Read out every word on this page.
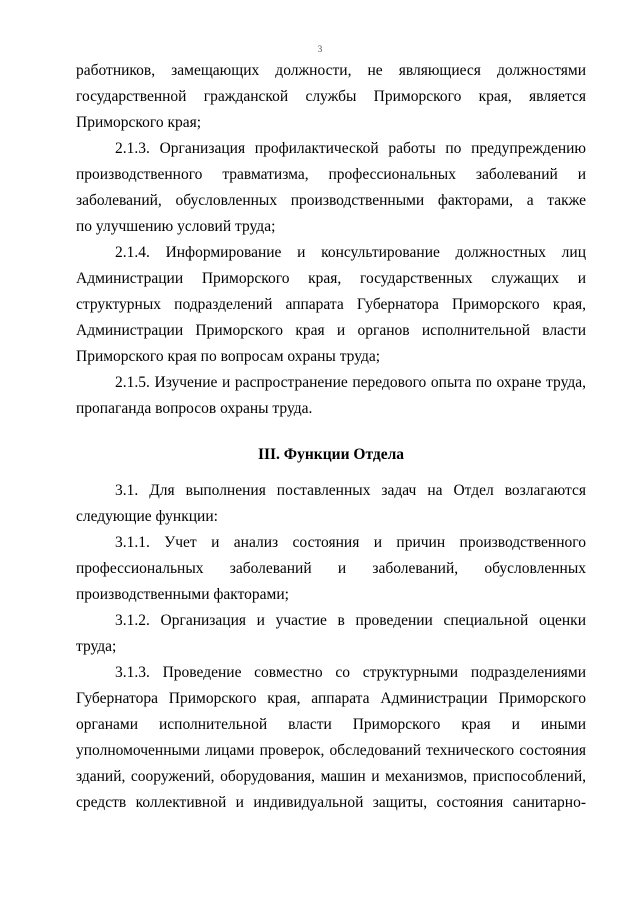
3
работников, замещающих должности, не являющиеся должностями
государственной гражданской службы Приморского края, является
Приморского края;
2.1.3. Организация профилактической работы по предупреждению
производственного травматизма, профессиональных заболеваний и
заболеваний, обусловленных производственными факторами, а также
по улучшению условий труда;
2.1.4. Информирование и консультирование должностных лиц
Администрации Приморского края, государственных служащих и
структурных подразделений аппарата Губернатора Приморского края,
Администрации Приморского края и органов исполнительной власти
Приморского края по вопросам охраны труда;
2.1.5. Изучение и распространение передового опыта по охране труда,
пропаганда вопросов охраны труда.
III. Функции Отдела
3.1. Для выполнения поставленных задач на Отдел возлагаются
следующие функции:
3.1.1. Учет и анализ состояния и причин производственного
профессиональных заболеваний и заболеваний, обусловленных
производственными факторами;
3.1.2. Организация и участие в проведении специальной оценки
труда;
3.1.3. Проведение совместно со структурными подразделениями
Губернатора Приморского края, аппарата Администрации Приморского
органами исполнительной власти Приморского края и иными
уполномоченными лицами проверок, обследований технического состояния
зданий, сооружений, оборудования, машин и механизмов, приспособлений,
средств коллективной и индивидуальной защиты, состояния санитарно-
